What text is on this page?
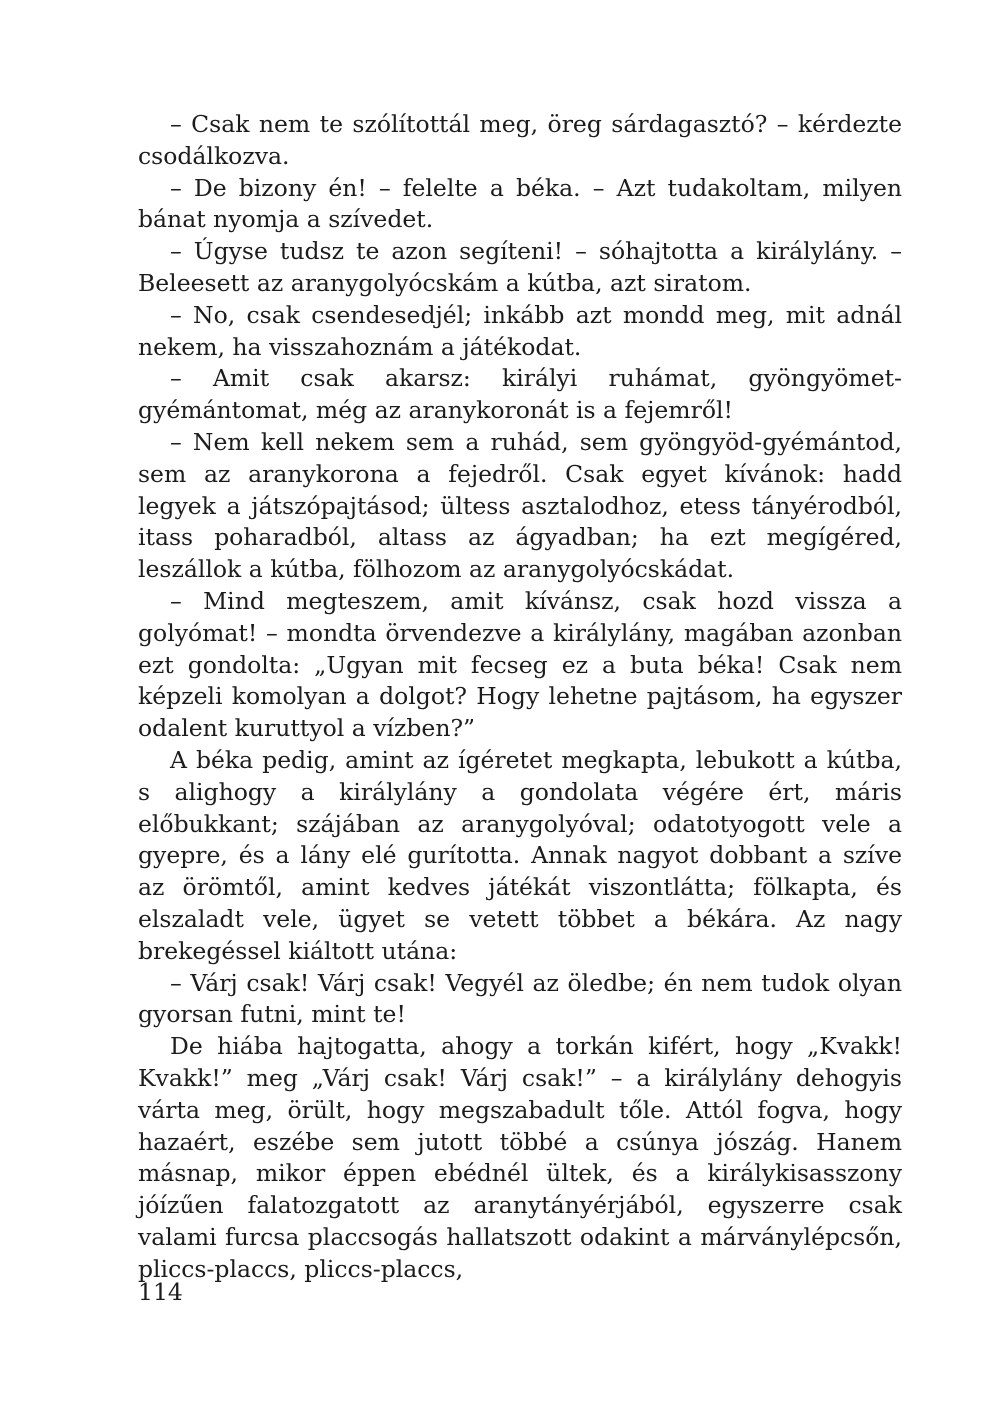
– Csak nem te szólítottál meg, öreg sárdagasztó? – kérdezte csodálkozva.

– De bizony én! – felelte a béka. – Azt tudakoltam, milyen bánat nyomja a szívedet.

– Úgyse tudsz te azon segíteni! – sóhajtotta a királylány. – Beleesett az aranygolyócskám a kútba, azt siratom.

– No, csak csendesedjél; inkább azt mondd meg, mit adnál nekem, ha visszahoznám a játékodat.

– Amit csak akarsz: királyi ruhámat, gyöngyömet-gyémántomat, még az aranykoronát is a fejemről!

– Nem kell nekem sem a ruhád, sem gyöngyöd-gyémántod, sem az aranykorona a fejedről. Csak egyet kívánok: hadd legyek a játszópajtásod; ültess asztalodhoz, etess tányérodból, itass poharadból, altass az ágyadban; ha ezt megígéred, leszállok a kútba, fölhozom az aranygolyócskádat.

– Mind megteszem, amit kívánsz, csak hozd vissza a golyómat! – mondta örvendezve a királylány, magában azonban ezt gondolta: „Ugyan mit fecseg ez a buta béka! Csak nem képzeli komolyan a dolgot? Hogy lehetne pajtásom, ha egyszer odalent kuruttyol a vízben?”

A béka pedig, amint az ígéretet megkapta, lebukott a kútba, s alighogy a királylány a gondolata végére ért, máris előbukkant; szájában az aranygolyóval; odatotyogott vele a gyepre, és a lány elé gurította. Annak nagyot dobbant a szíve az örömtől, amint kedves játékát viszontlátta; fölkapta, és elszaladt vele, ügyet se vetett többet a békára. Az nagy brekegéssel kiáltott utána:

– Várj csak! Várj csak! Vegyél az öledbe; én nem tudok olyan gyorsan futni, mint te!

De hiába hajtogatta, ahogy a torkán kifért, hogy „Kvakk! Kvakk!” meg „Várj csak! Várj csak!” – a királylány dehogyis várta meg, örült, hogy megszabadult tőle. Attól fogva, hogy hazaért, eszébe sem jutott többé a csúnya jószág. Hanem másnap, mikor éppen ebédnél ültek, és a királykisasszony jóízűen falatozgatott az aranytányérjából, egyszerre csak valami furcsa placcsogás hallatszott odakint a márványlépcsőn, pliccs-placcs, pliccs-placcs,

114
